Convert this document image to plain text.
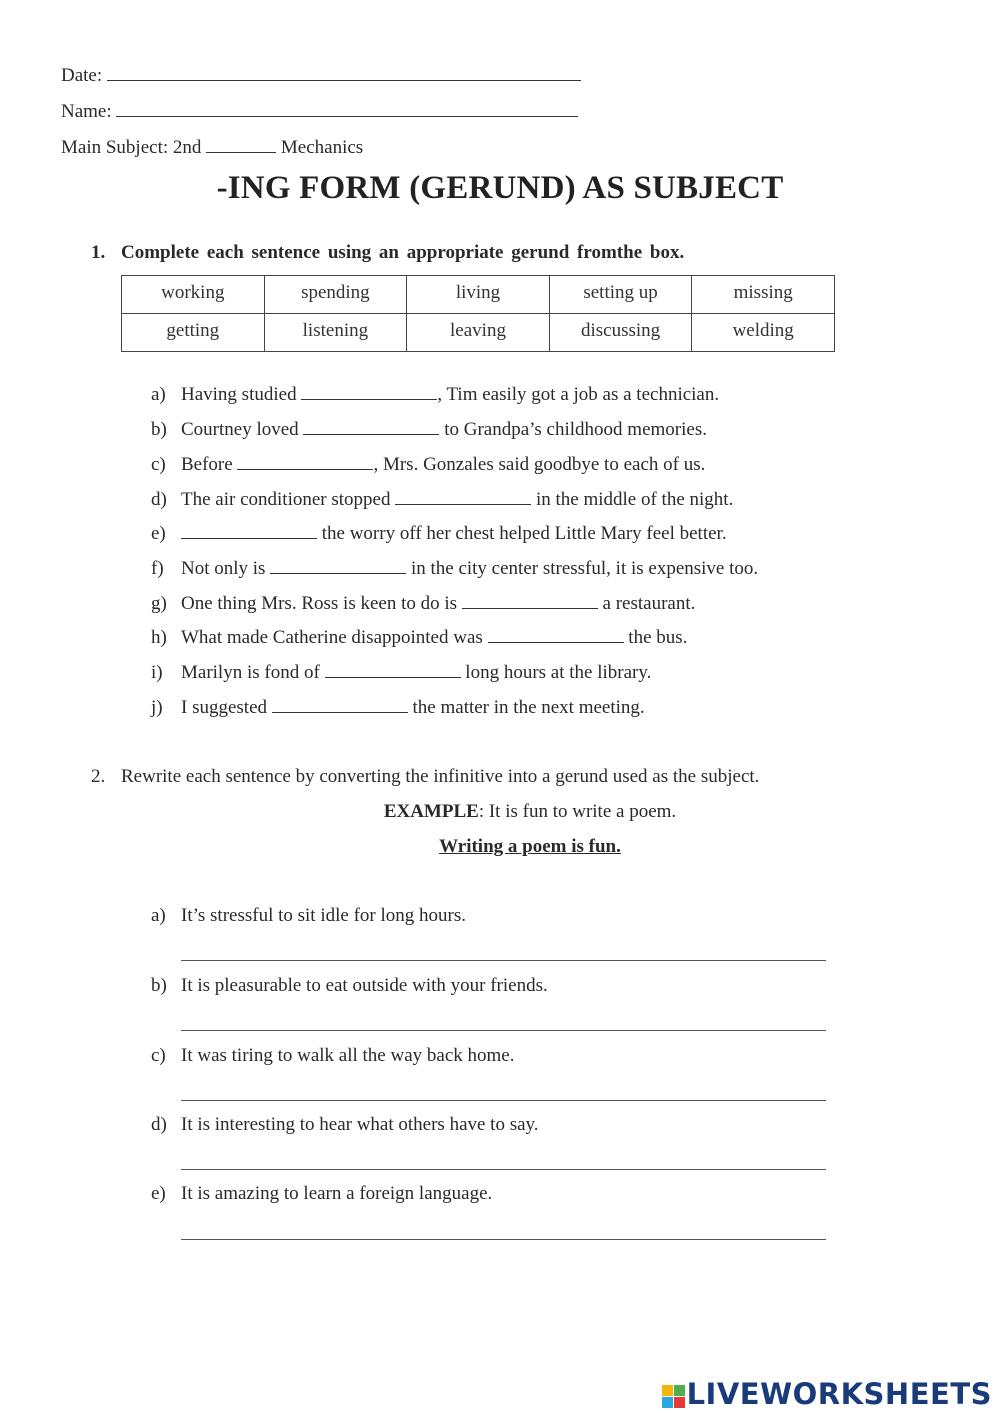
Date:
Name:
Main Subject: 2nd	Mechanics
-ING FORM (GERUND) AS SUBJECT
1. Complete each sentence using an appropriate gerund fromthe box.
working	spending	living	setting up	missing
getting	listening	leaving	discussing	welding
a) Having studied	, Tim easily got a job as a technician.
b) Courtney loved	to Grandpa’s childhood memories.
c) Before	, Mrs. Gonzales said goodbye to each of us.
d) The air conditioner stopped	in the middle of the night.
e)	the worry off her chest helped Little Mary feel better.
f) Not only is	in the city center stressful, it is expensive too.
g) One thing Mrs. Ross is keen to do is	a restaurant.
h) What made Catherine disappointed was	the bus.
i) Marilyn is fond of	long hours at the library.
j) I suggested	the matter in the next meeting.
2. Rewrite each sentence by converting the infinitive into a gerund used as the subject.
EXAMPLE: It is fun to write a poem.
Writing a poem is fun.
a) It’s stressful to sit idle for long hours.
b) It is pleasurable to eat outside with your friends.
c) It was tiring to walk all the way back home.
d) It is interesting to hear what others have to say.
e) It is amazing to learn a foreign language.
LIVEWORKSHEETS
